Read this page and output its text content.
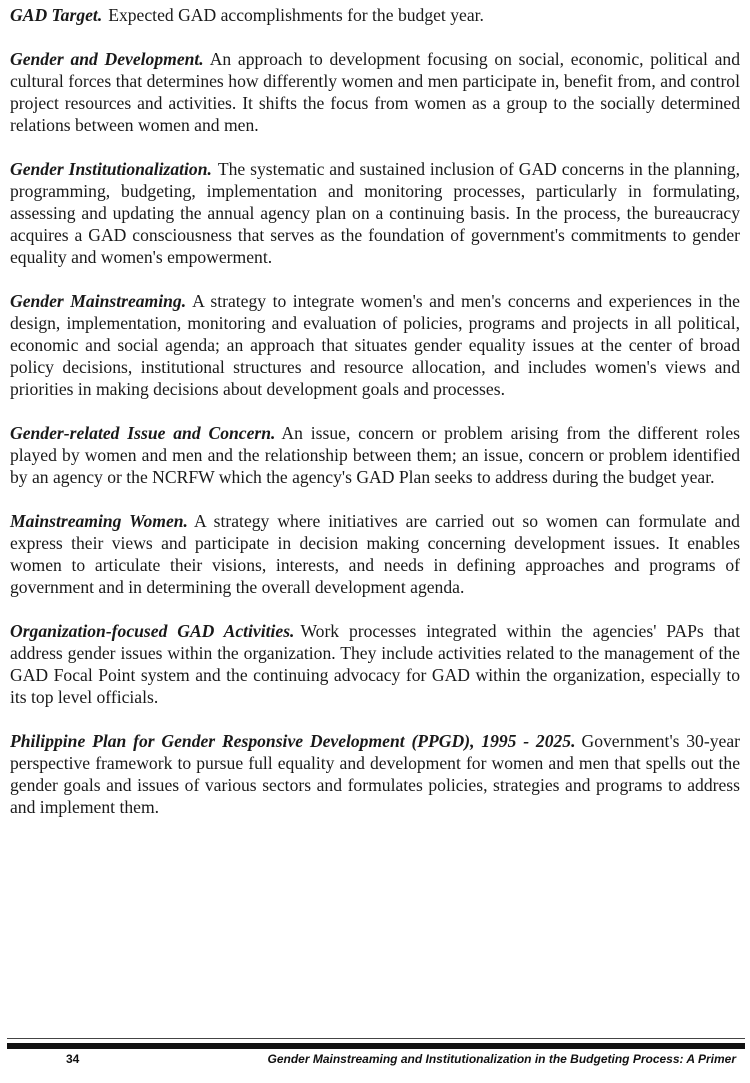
GAD Target. Expected GAD accomplishments for the budget year.

Gender and Development. An approach to development focusing on social, economic, political and cultural forces that determines how differently women and men participate in, benefit from, and control project resources and activities. It shifts the focus from women as a group to the socially determined relations between women and men.

Gender Institutionalization. The systematic and sustained inclusion of GAD concerns in the planning, programming, budgeting, implementation and monitoring processes, particularly in formulating, assessing and updating the annual agency plan on a continuing basis. In the process, the bureaucracy acquires a GAD consciousness that serves as the foundation of government's commitments to gender equality and women's empowerment.

Gender Mainstreaming. A strategy to integrate women's and men's concerns and experiences in the design, implementation, monitoring and evaluation of policies, programs and projects in all political, economic and social agenda; an approach that situates gender equality issues at the center of broad policy decisions, institutional structures and resource allocation, and includes women's views and priorities in making decisions about development goals and processes.

Gender-related Issue and Concern. An issue, concern or problem arising from the different roles played by women and men and the relationship between them; an issue, concern or problem identified by an agency or the NCRFW which the agency's GAD Plan seeks to address during the budget year.

Mainstreaming Women. A strategy where initiatives are carried out so women can formulate and express their views and participate in decision making concerning development issues. It enables women to articulate their visions, interests, and needs in defining approaches and programs of government and in determining the overall development agenda.

Organization-focused GAD Activities. Work processes integrated within the agencies' PAPs that address gender issues within the organization. They include activities related to the management of the GAD Focal Point system and the continuing advocacy for GAD within the organization, especially to its top level officials.

Philippine Plan for Gender Responsive Development (PPGD), 1995 - 2025. Government's 30-year perspective framework to pursue full equality and development for women and men that spells out the gender goals and issues of various sectors and formulates policies, strategies and programs to address and implement them.

34	Gender Mainstreaming and Institutionalization in the Budgeting Process: A Primer
